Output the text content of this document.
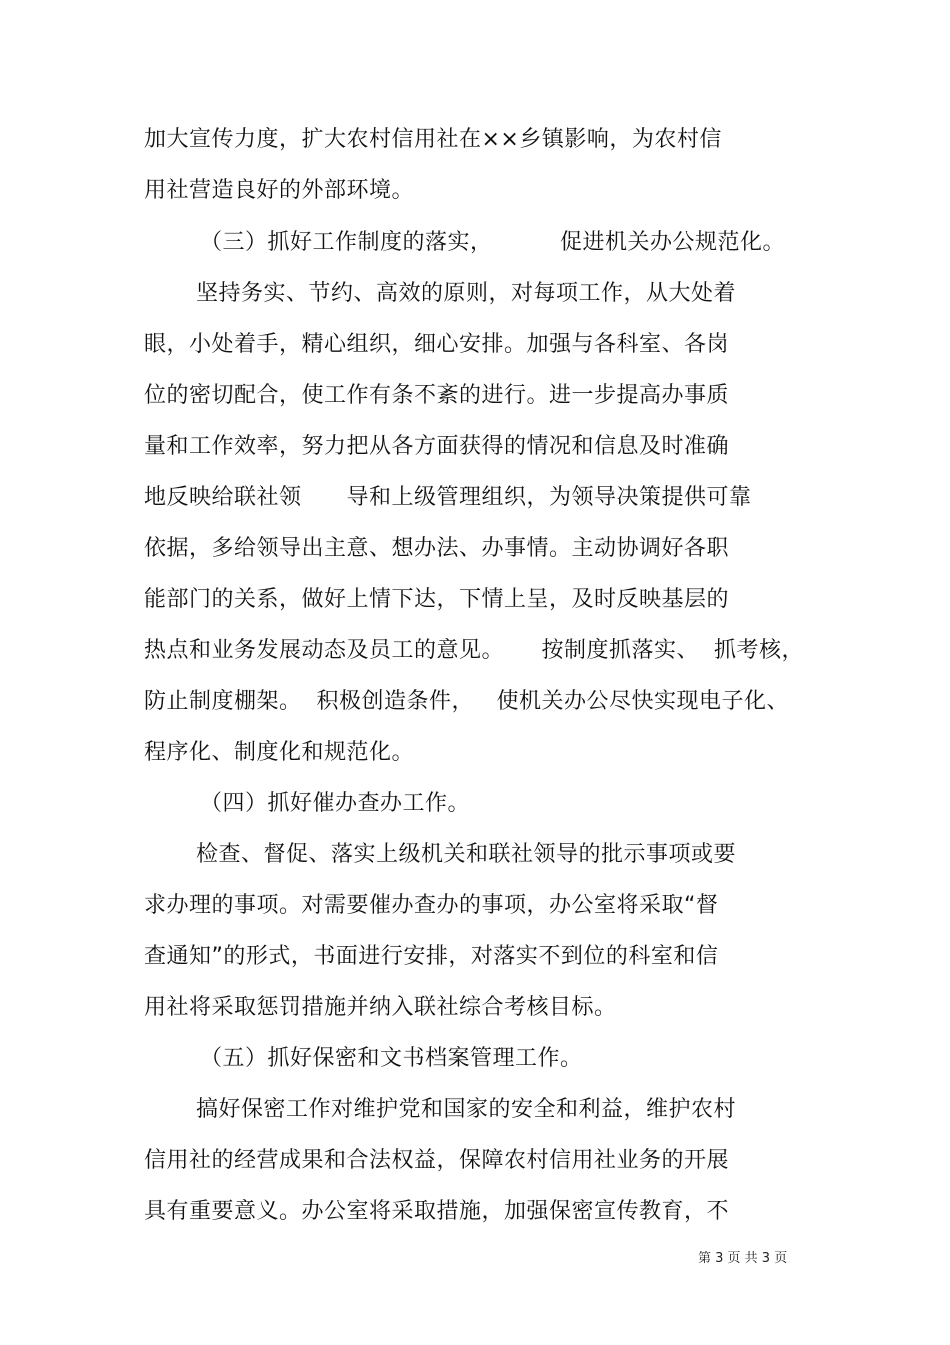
加大宣传力度，扩大农村信用社在××乡镇影响，为农村信
用社营造良好的外部环境。
（三）抓好工作制度的落实，         促进机关办公规范化。
坚持务实、节约、高效的原则，对每项工作，从大处着
眼，小处着手，精心组织，细心安排。加强与各科室、各岗
位的密切配合，使工作有条不紊的进行。进一步提高办事质
量和工作效率，努力把从各方面获得的情况和信息及时准确
地反映给联社领      导和上级管理组织，为领导决策提供可靠
依据，多给领导出主意、想办法、办事情。主动协调好各职
能部门的关系，做好上情下达，下情上呈，及时反映基层的
热点和业务发展动态及员工的意见。     按制度抓落实、  抓考核，
防止制度棚架。  积极创造条件，   使机关办公尽快实现电子化、
程序化、制度化和规范化。
（四）抓好催办查办工作。
检查、督促、落实上级机关和联社领导的批示事项或要
求办理的事项。对需要催办查办的事项，办公室将采取“督
查通知”的形式，书面进行安排，对落实不到位的科室和信
用社将采取惩罚措施并纳入联社综合考核目标。
（五）抓好保密和文书档案管理工作。
搞好保密工作对维护党和国家的安全和利益，维护农村
信用社的经营成果和合法权益，保障农村信用社业务的开展
具有重要意义。办公室将采取措施，加强保密宣传教育，不
第 3 页 共 3 页
